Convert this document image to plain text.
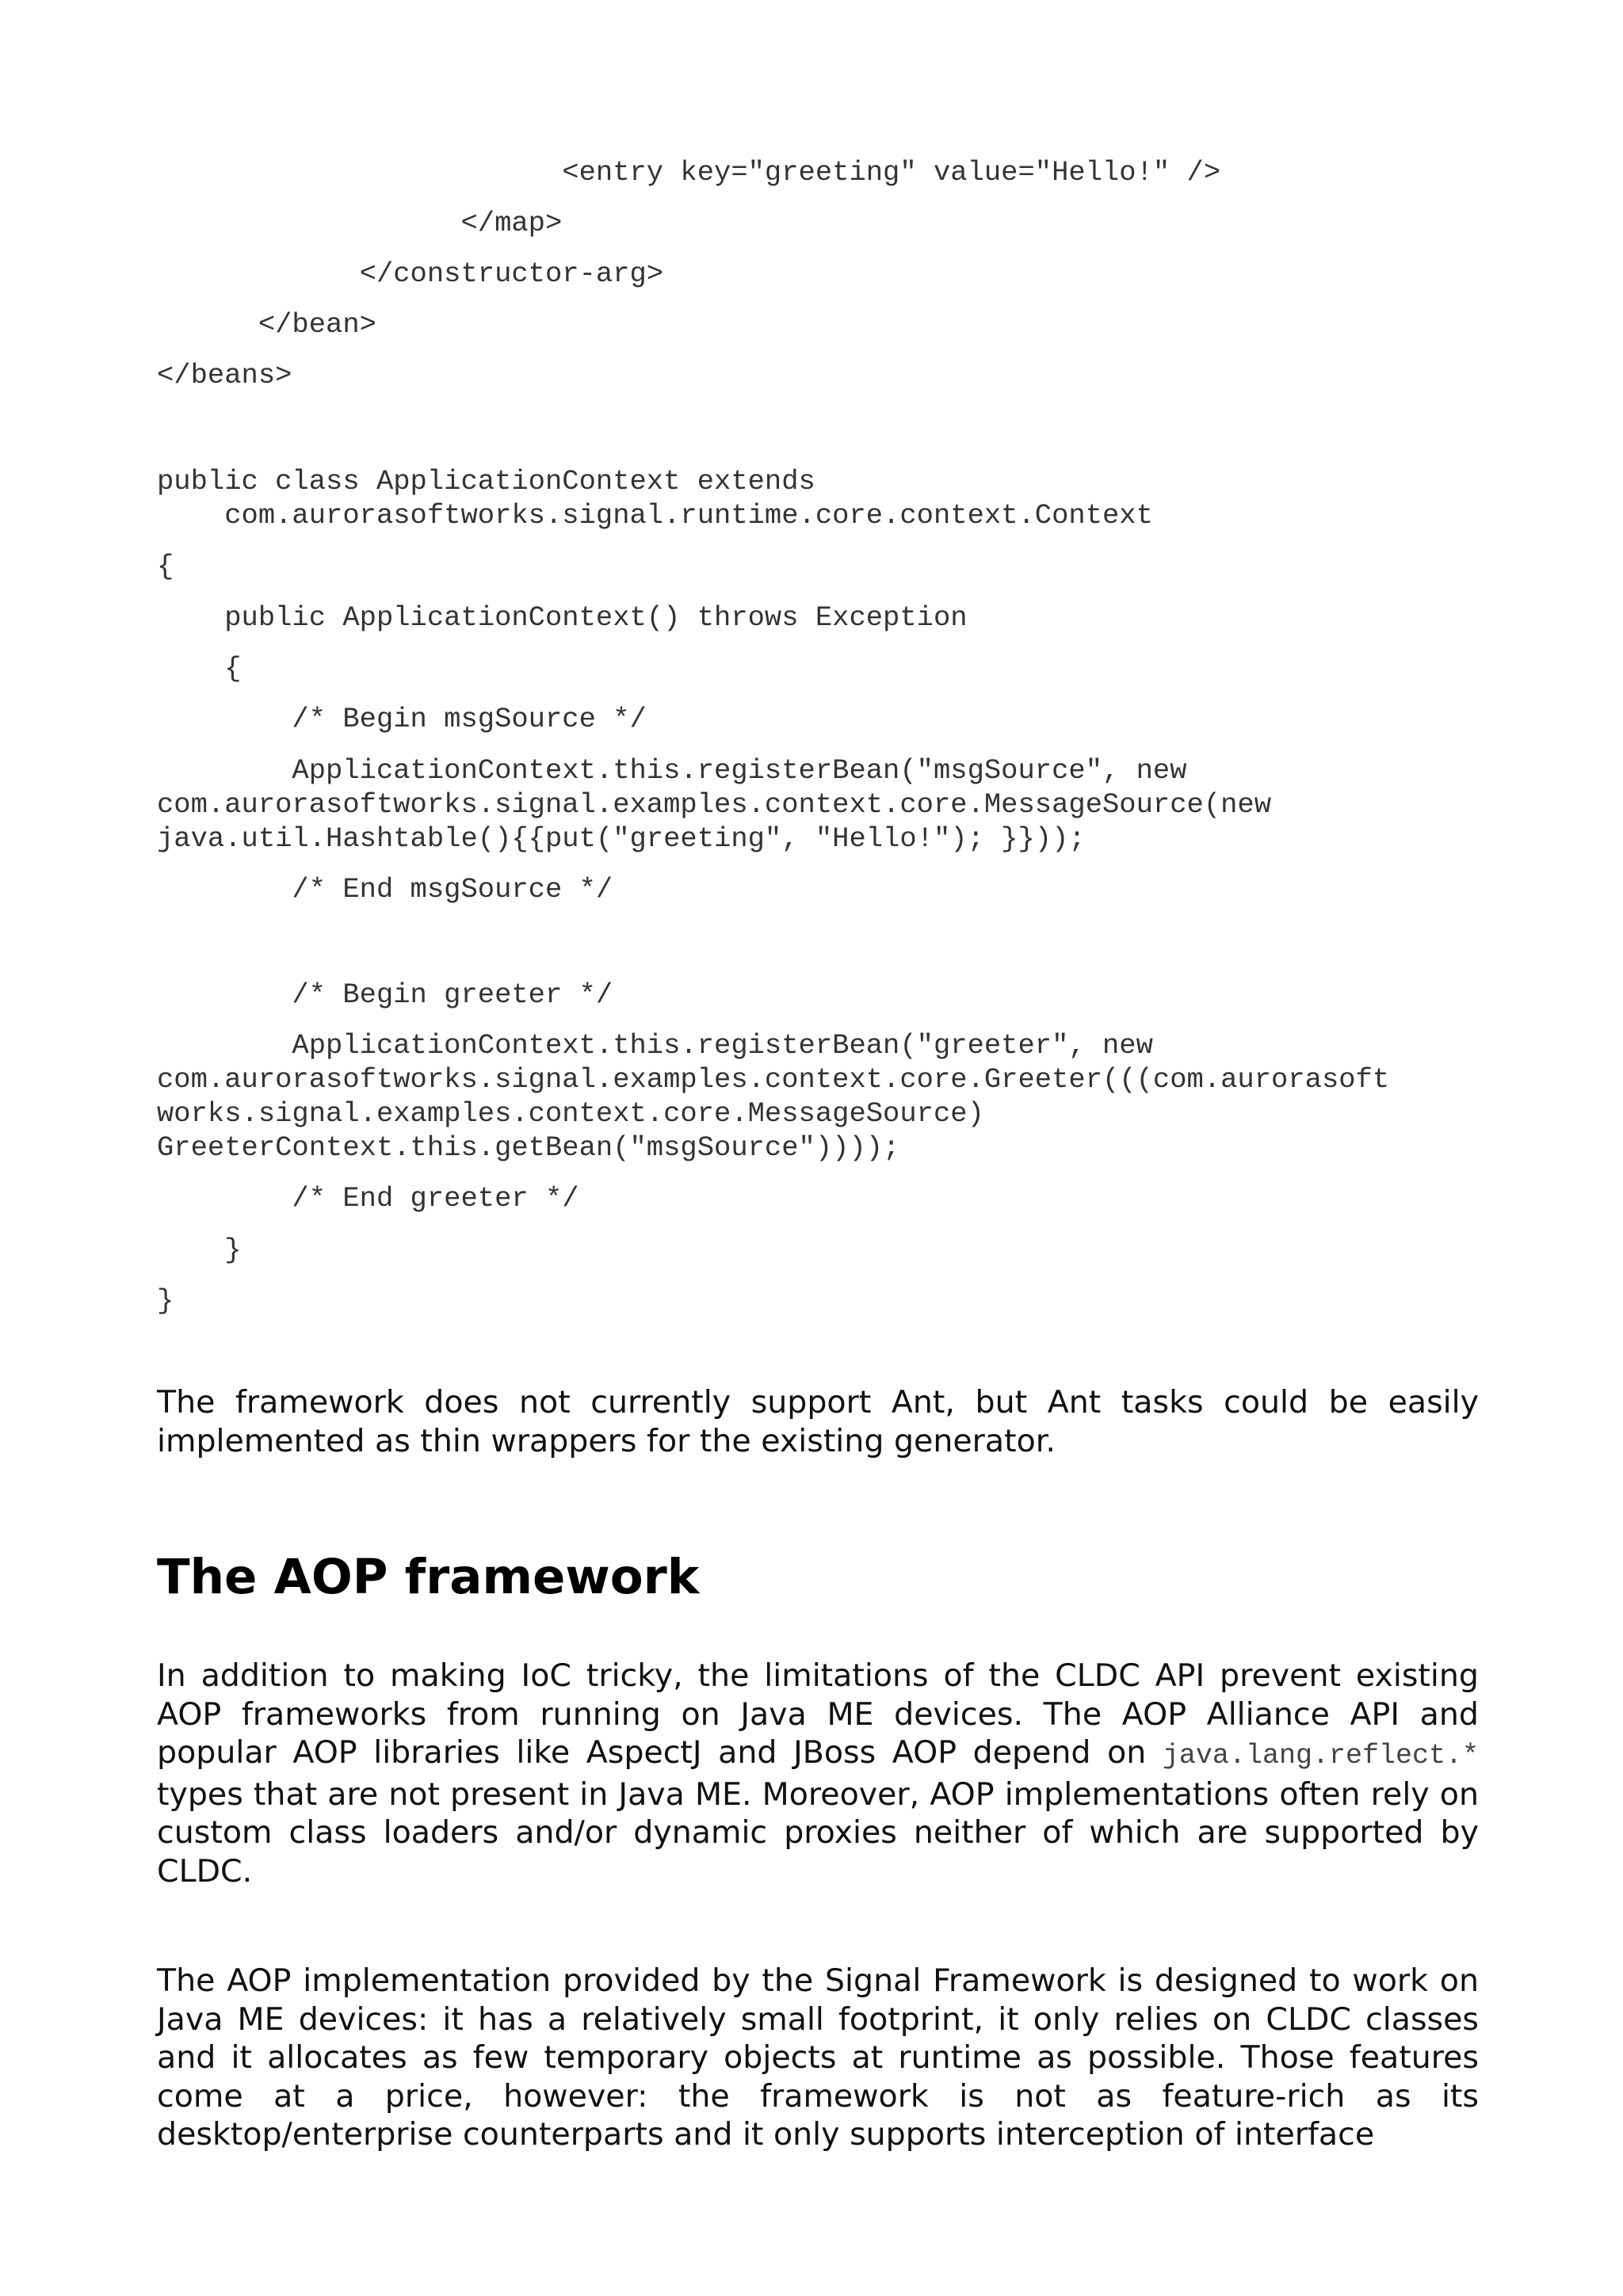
<entry key="greeting" value="Hello!" />
</map>
</constructor-arg>
</bean>
</beans>
public class ApplicationContext extends
com.aurorasoftworks.signal.runtime.core.context.Context
{
public ApplicationContext() throws Exception
{
/* Begin msgSource */
ApplicationContext.this.registerBean("msgSource", new
com.aurorasoftworks.signal.examples.context.core.MessageSource(new
java.util.Hashtable(){{put("greeting", "Hello!"); }}));
/* End msgSource */
/* Begin greeter */
ApplicationContext.this.registerBean("greeter", new
com.aurorasoftworks.signal.examples.context.core.Greeter(((com.aurorasoft
works.signal.examples.context.core.MessageSource)
GreeterContext.this.getBean("msgSource"))));
/* End greeter */
}
}

The framework does not currently support Ant, but Ant tasks could be easily implemented as thin wrappers for the existing generator.

The AOP framework

In addition to making IoC tricky, the limitations of the CLDC API prevent existing AOP frameworks from running on Java ME devices. The AOP Alliance API and popular AOP libraries like AspectJ and JBoss AOP depend on java.lang.reflect.* types that are not present in Java ME. Moreover, AOP implementations often rely on custom class loaders and/or dynamic proxies neither of which are supported by CLDC.

The AOP implementation provided by the Signal Framework is designed to work on Java ME devices: it has a relatively small footprint, it only relies on CLDC classes and it allocates as few temporary objects at runtime as possible. Those features come at a price, however: the framework is not as feature-rich as its desktop/enterprise counterparts and it only supports interception of interface
